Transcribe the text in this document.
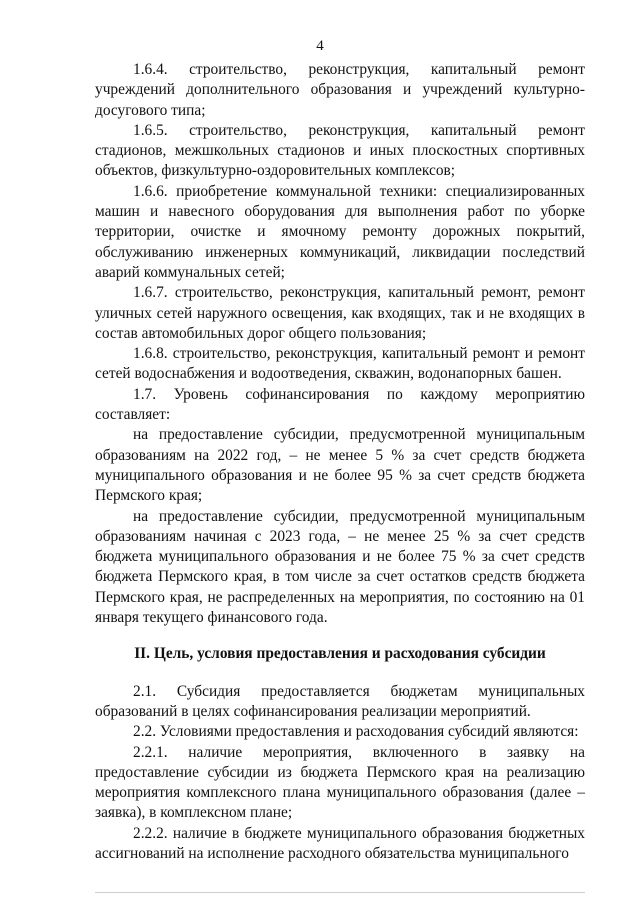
4

1.6.4. строительство, реконструкция, капитальный ремонт учреждений дополнительного образования и учреждений культурно-досугового типа;

1.6.5. строительство, реконструкция, капитальный ремонт стадионов, межшкольных стадионов и иных плоскостных спортивных объектов, физкультурно-оздоровительных комплексов;

1.6.6. приобретение коммунальной техники: специализированных машин и навесного оборудования для выполнения работ по уборке территории, очистке и ямочному ремонту дорожных покрытий, обслуживанию инженерных коммуникаций, ликвидации последствий аварий коммунальных сетей;

1.6.7. строительство, реконструкция, капитальный ремонт, ремонт уличных сетей наружного освещения, как входящих, так и не входящих в состав автомобильных дорог общего пользования;

1.6.8. строительство, реконструкция, капитальный ремонт и ремонт сетей водоснабжения и водоотведения, скважин, водонапорных башен.

1.7. Уровень софинансирования по каждому мероприятию составляет:

на предоставление субсидии, предусмотренной муниципальным образованиям на 2022 год, – не менее 5 % за счет средств бюджета муниципального образования и не более 95 % за счет средств бюджета Пермского края;

на предоставление субсидии, предусмотренной муниципальным образованиям начиная с 2023 года, – не менее 25 % за счет средств бюджета муниципального образования и не более 75 % за счет средств бюджета Пермского края, в том числе за счет остатков средств бюджета Пермского края, не распределенных на мероприятия, по состоянию на 01 января текущего финансового года.

II. Цель, условия предоставления и расходования субсидии

2.1. Субсидия предоставляется бюджетам муниципальных образований в целях софинансирования реализации мероприятий.

2.2. Условиями предоставления и расходования субсидий являются:

2.2.1. наличие мероприятия, включенного в заявку на предоставление субсидии из бюджета Пермского края на реализацию мероприятия комплексного плана муниципального образования (далее – заявка), в комплексном плане;

2.2.2. наличие в бюджете муниципального образования бюджетных ассигнований на исполнение расходного обязательства муниципального
